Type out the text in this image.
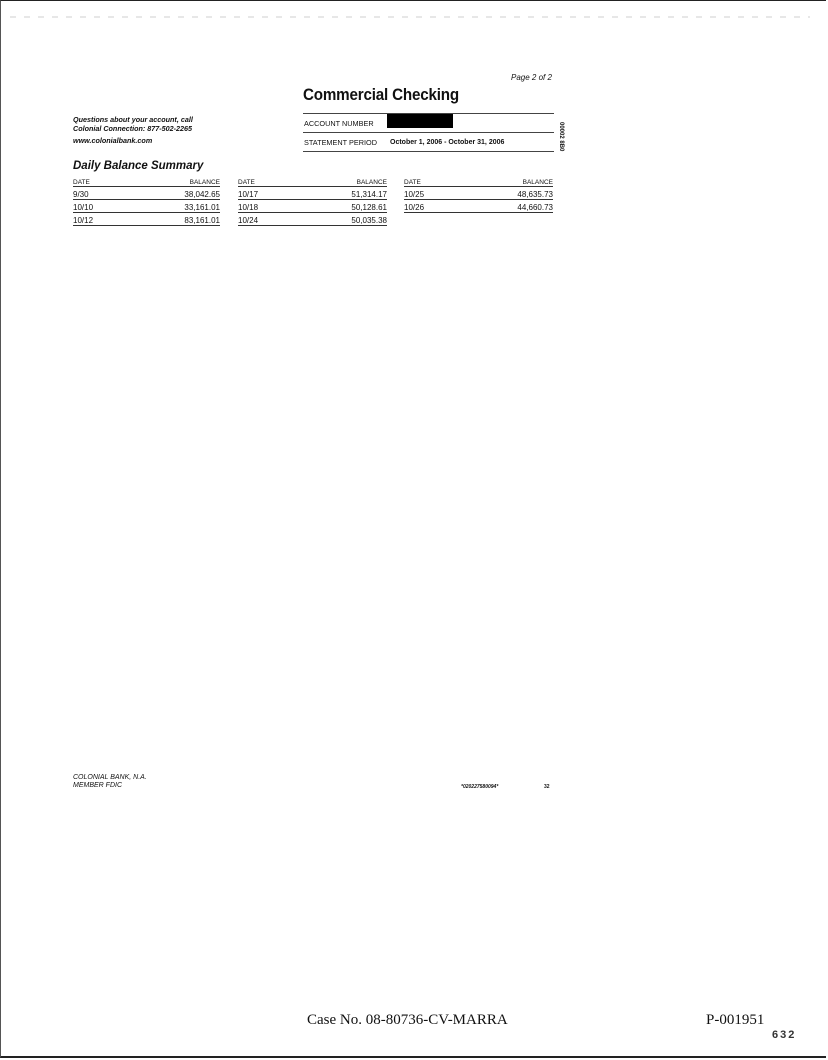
Page 2 of 2
Commercial Checking
Questions about your account, call
Colonial Connection: 877-502-2265
www.colonialbank.com
ACCOUNT NUMBER
STATEMENT PERIOD	October 1, 2006 - October 31, 2006	00002 8B0
Daily Balance Summary
DATE	BALANCE
9/30	38,042.65
10/10	33,161.01
10/12	83,161.01
DATE	BALANCE
10/17	51,314.17
10/18	50,128.61
10/24	50,035.38
DATE	BALANCE
10/25	48,635.73
10/26	44,660.73
COLONIAL BANK, N.A.
MEMBER FDIC	*020227580094*	32
Case No. 08-80736-CV-MARRA	P-001951
632
